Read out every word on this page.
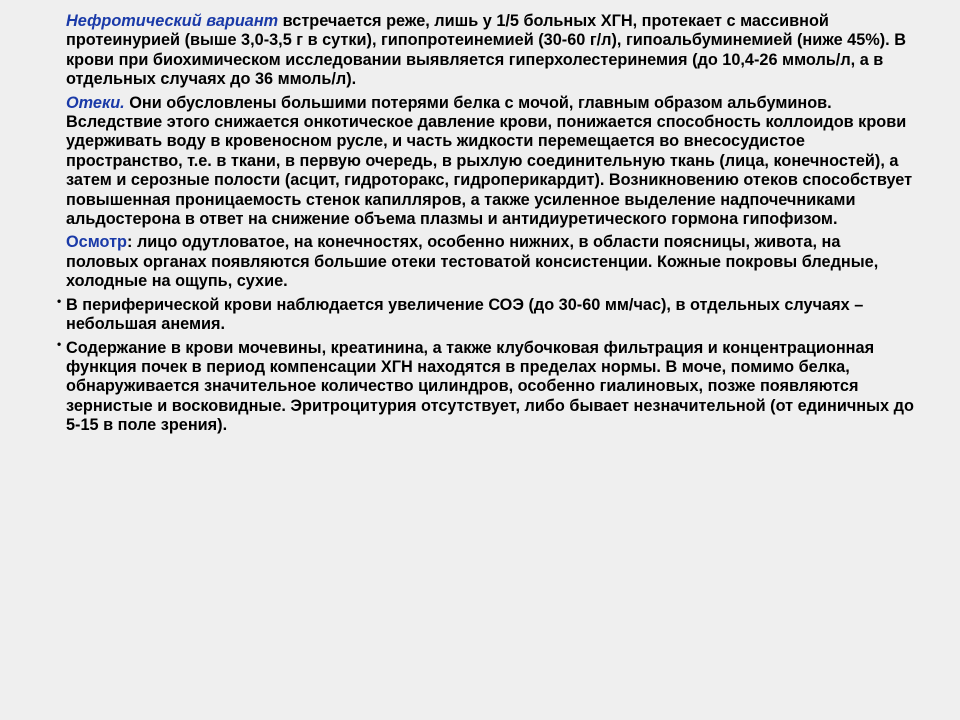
Нефротический вариант встречается реже, лишь у 1/5 больных ХГН, протекает с массивной протеинурией (выше 3,0-3,5 г в сутки), гипопротеинемией (30-60 г/л), гипоальбуминемией (ниже 45%). В крови при биохимическом исследовании выявляется гиперхолестеринемия (до 10,4-26 ммоль/л, а в отдельных случаях до 36 ммоль/л).

Отеки. Они обусловлены большими потерями белка с мочой, главным образом альбуминов. Вследствие этого снижается онкотическое давление крови, понижается способность коллоидов крови удерживать воду в кровеносном русле, и часть жидкости перемещается во внесосудистое пространство, т.е. в ткани, в первую очередь, в рыхлую соединительную ткань (лица, конечностей), а затем и серозные полости (асцит, гидроторакс, гидроперикардит). Возникновению отеков способствует повышенная проницаемость стенок капилляров, а также усиленное выделение надпочечниками альдостерона в ответ на снижение объема плазмы и антидиуретического гормона гипофизом.

Осмотр: лицо одутловатое, на конечностях, особенно нижних, в области поясницы, живота, на половых органах появляются большие отеки тестоватой консистенции. Кожные покровы бледные, холодные на ощупь, сухие.

• В периферической крови наблюдается увеличение СОЭ (до 30-60 мм/час), в отдельных случаях – небольшая анемия.

• Содержание в крови мочевины, креатинина, а также клубочковая фильтрация и концентрационная функция почек в период компенсации ХГН находятся в пределах нормы. В моче, помимо белка, обнаруживается значительное количество цилиндров, особенно гиалиновых, позже появляются зернистые и восковидные. Эритроцитурия отсутствует, либо бывает незначительной (от единичных до 5-15 в поле зрения).
